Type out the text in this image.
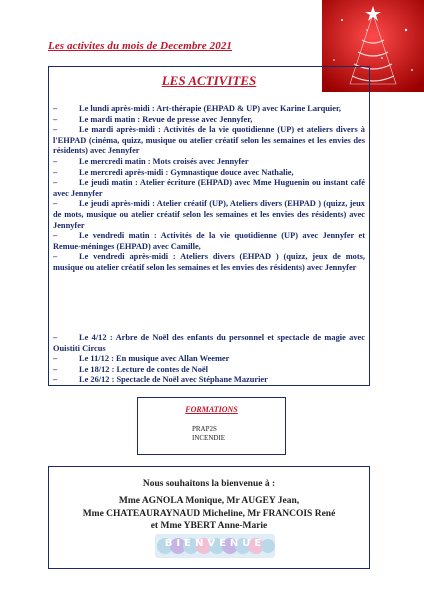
Les activites du mois de Decembre 2021
LES ACTIVITES
–	Le lundi après-midi : Art-thérapie (EHPAD & UP) avec Karine Larquier,
–	Le mardi matin : Revue de presse avec Jennyfer,
–	Le mardi après-midi : Activités de la vie quotidienne (UP) et ateliers divers à l'EHPAD (cinéma, quizz, musique ou atelier créatif selon les semaines et les envies des résidents) avec Jennyfer
–	Le mercredi matin : Mots croisés avec Jennyfer
–	Le mercredi après-midi : Gymnastique douce avec Nathalie,
–	Le jeudi matin : Atelier écriture (EHPAD) avec Mme Huguenin ou instant café avec Jennyfer
–	Le jeudi après-midi : Atelier créatif (UP), Ateliers divers (EHPAD ) (quizz, jeux de mots, musique ou atelier créatif selon les semaines et les envies des résidents) avec Jennyfer
–	Le vendredi matin : Activités de la vie quotidienne (UP) avec Jennyfer et Remue-méninges (EHPAD) avec Camille,
–	Le vendredi après-midi : Ateliers divers (EHPAD ) (quizz, jeux de mots, musique ou atelier créatif selon les semaines et les envies des résidents) avec Jennyfer
–	Le 4/12 : Arbre de Noël des enfants du personnel et spectacle de magie avec Ouistiti Circus
–	Le 11/12 : En musique avec Allan Weemer
–	Le 18/12 : Lecture de contes de Noël
–	Le 26/12 : Spectacle de Noël avec Stéphane Mazurier
FORMATIONS
PRAP2S
INCENDIE
Nous souhaitons la bienvenue à :
Mme AGNOLA Monique, Mr AUGEY Jean,
Mme CHATEAURAYNAUD Micheline, Mr FRANCOIS René
et Mme YBERT Anne-Marie
BIENVENUE
